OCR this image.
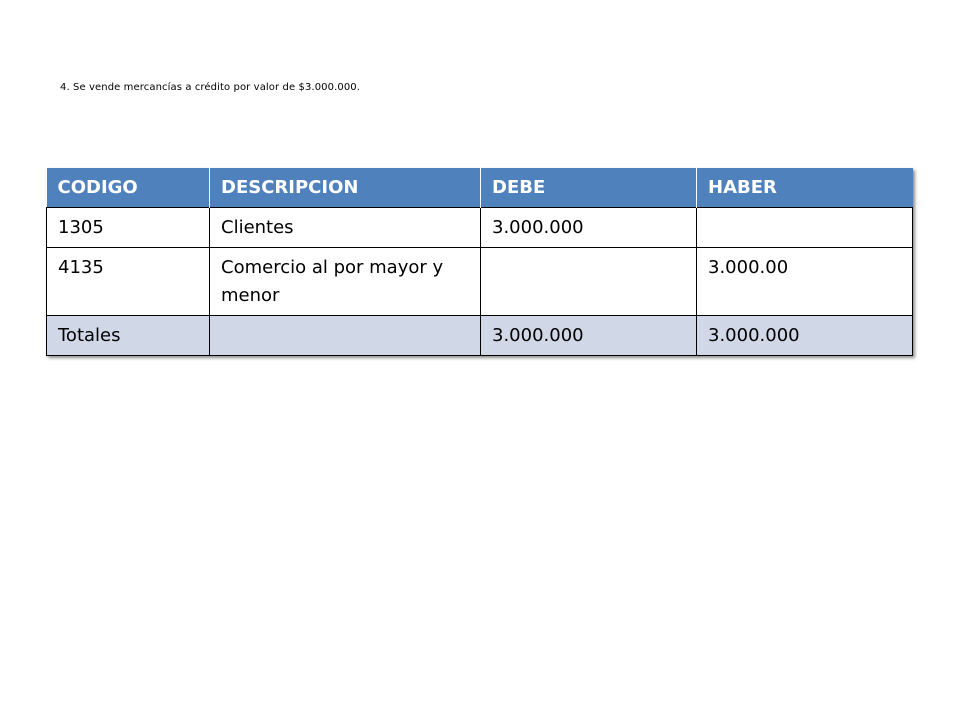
4. Se vende mercancías a crédito por valor de $3.000.000.
CODIGO	DESCRIPCION	DEBE	HABER
1305	Clientes	3.000.000	
4135	Comercio al por mayor y menor		3.000.00
Totales		3.000.000	3.000.000
